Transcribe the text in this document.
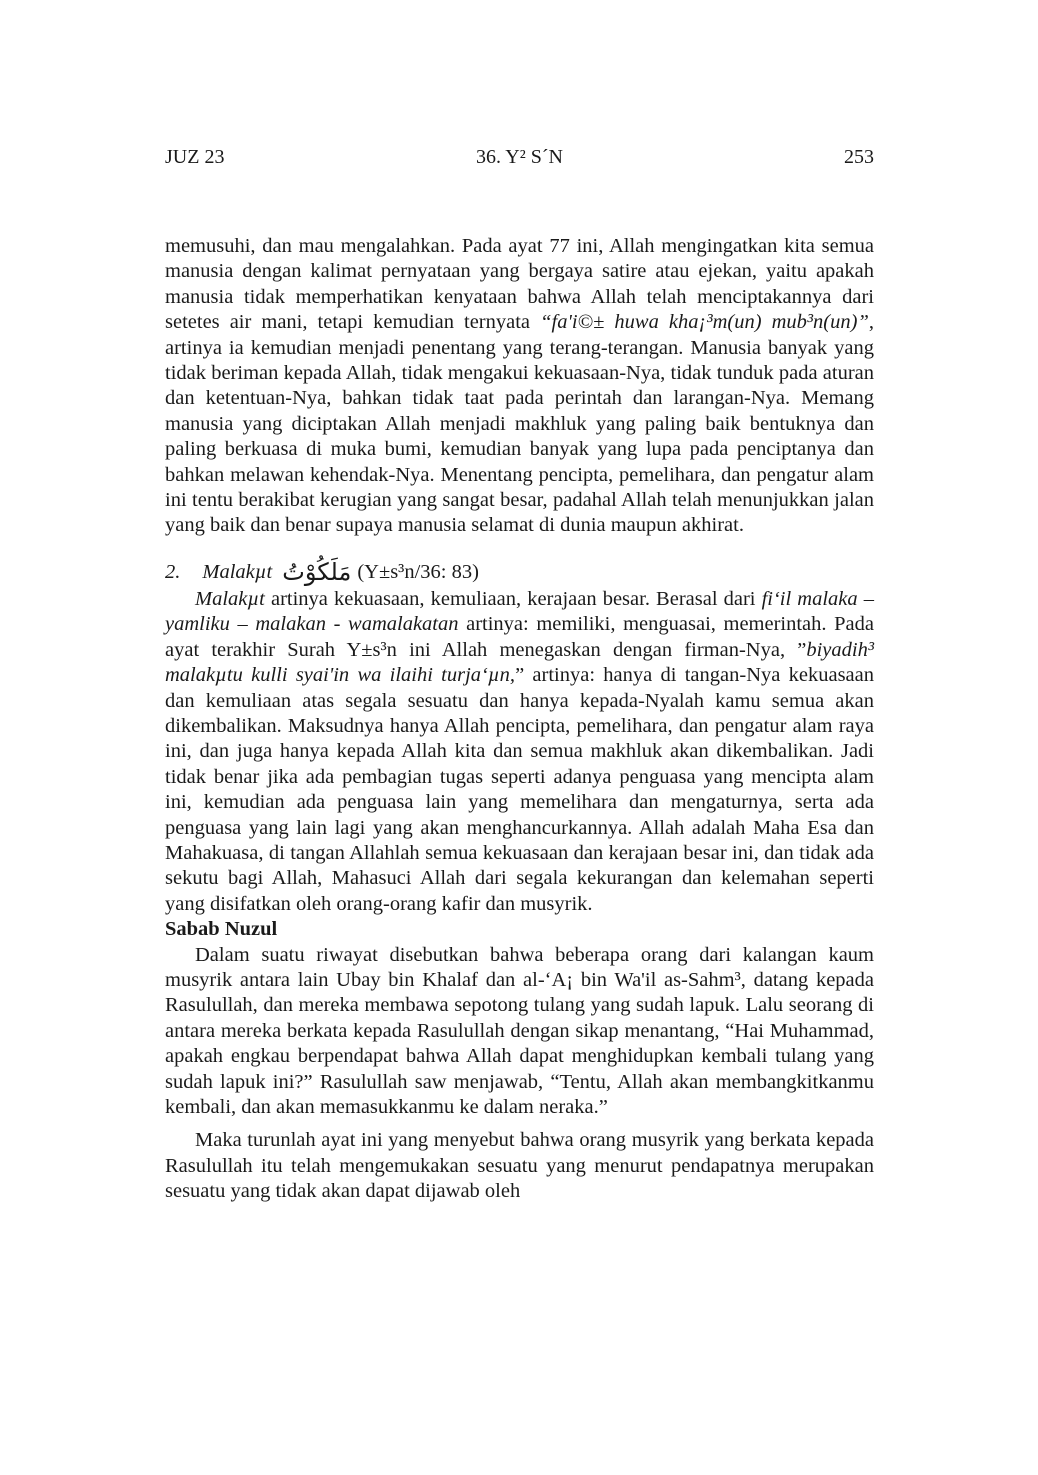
JUZ 23	36. Y² S´N	253

memusuhi, dan mau mengalahkan. Pada ayat 77 ini, Allah mengingatkan kita semua manusia dengan kalimat pernyataan yang bergaya satire atau ejekan, yaitu apakah manusia tidak memperhatikan kenyataan bahwa Allah telah menciptakannya dari setetes air mani, tetapi kemudian ternyata “fa'i©± huwa kha¡³m(un) mub³n(un)”, artinya ia kemudian menjadi penentang yang terang-terangan. Manusia banyak yang tidak beriman kepada Allah, tidak mengakui kekuasaan-Nya, tidak tunduk pada aturan dan ketentuan-Nya, bahkan tidak taat pada perintah dan larangan-Nya. Memang manusia yang diciptakan Allah menjadi makhluk yang paling baik bentuknya dan paling berkuasa di muka bumi, kemudian banyak yang lupa pada penciptanya dan bahkan melawan kehendak-Nya. Menentang pencipta, pemelihara, dan pengatur alam ini tentu berakibat kerugian yang sangat besar, padahal Allah telah menunjukkan jalan yang baik dan benar supaya manusia selamat di dunia maupun akhirat.

2. Malakµt مَلَكُوْتُ (Y±s³n/36: 83)

Malakµt artinya kekuasaan, kemuliaan, kerajaan besar. Berasal dari fi‘il malaka – yamliku – malakan - wamalakatan artinya: memiliki, menguasai, memerintah. Pada ayat terakhir Surah Y±s³n ini Allah menegaskan dengan firman-Nya, ”biyadih³ malakµtu kulli syai'in wa ilaihi turja‘µn,” artinya: hanya di tangan-Nya kekuasaan dan kemuliaan atas segala sesuatu dan hanya kepada-Nyalah kamu semua akan dikembalikan. Maksudnya hanya Allah pencipta, pemelihara, dan pengatur alam raya ini, dan juga hanya kepada Allah kita dan semua makhluk akan dikembalikan. Jadi tidak benar jika ada pembagian tugas seperti adanya penguasa yang mencipta alam ini, kemudian ada penguasa lain yang memelihara dan mengaturnya, serta ada penguasa yang lain lagi yang akan menghancurkannya. Allah adalah Maha Esa dan Mahakuasa, di tangan Allahlah semua kekuasaan dan kerajaan besar ini, dan tidak ada sekutu bagi Allah, Mahasuci Allah dari segala kekurangan dan kelemahan seperti yang disifatkan oleh orang-orang kafir dan musyrik.

Sabab Nuzul

Dalam suatu riwayat disebutkan bahwa beberapa orang dari kalangan kaum musyrik antara lain Ubay bin Khalaf dan al-‘A¡ bin Wa'il as-Sahm³, datang kepada Rasulullah, dan mereka membawa sepotong tulang yang sudah lapuk. Lalu seorang di antara mereka berkata kepada Rasulullah dengan sikap menantang, “Hai Muhammad, apakah engkau berpendapat bahwa Allah dapat menghidupkan kembali tulang yang sudah lapuk ini?” Rasulullah saw menjawab, “Tentu, Allah akan membangkitkanmu kembali, dan akan memasukkanmu ke dalam neraka.”

Maka turunlah ayat ini yang menyebut bahwa orang musyrik yang berkata kepada Rasulullah itu telah mengemukakan sesuatu yang menurut pendapatnya merupakan sesuatu yang tidak akan dapat dijawab oleh
